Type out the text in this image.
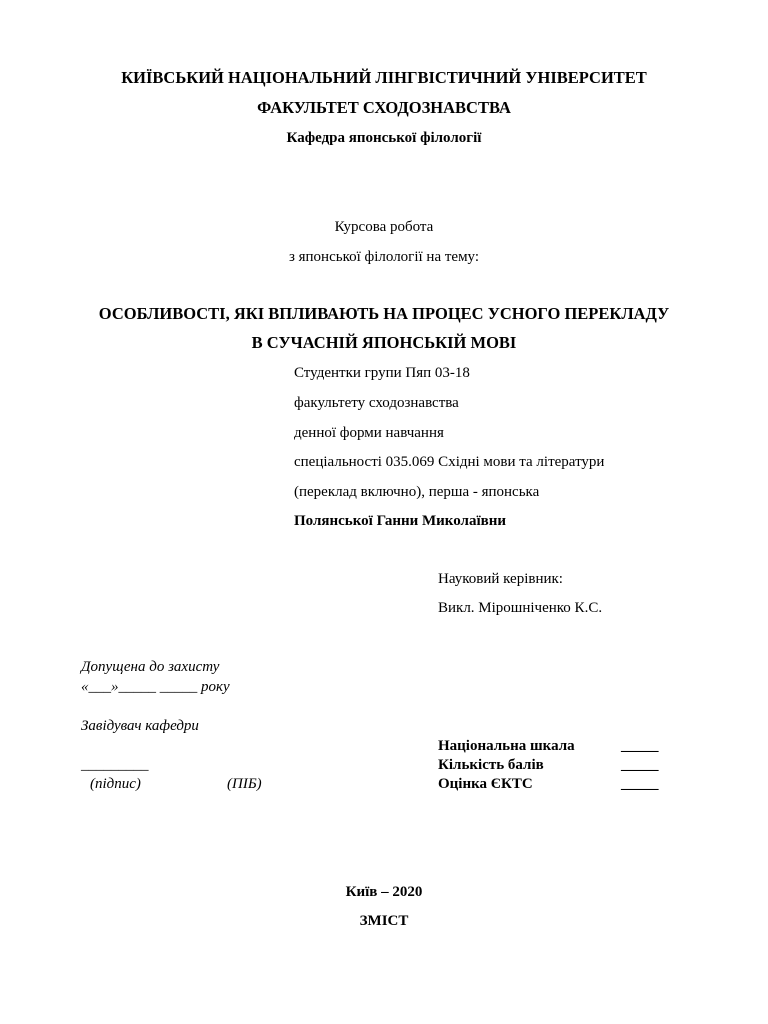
КИЇВСЬКИЙ НАЦІОНАЛЬНИЙ ЛІНГВІСТИЧНИЙ УНІВЕРСИТЕТ
ФАКУЛЬТЕТ СХОДОЗНАВСТВА
Кафедра японської філології
Курсова робота
з японської філології на тему:
ОСОБЛИВОСТІ, ЯКІ ВПЛИВАЮТЬ НА ПРОЦЕС УСНОГО ПЕРЕКЛАДУ
В СУЧАСНІЙ ЯПОНСЬКІЙ МОВІ
Студентки групи Пяп 03-18
факультету сходознавства
денної форми навчання
спеціальності 035.069 Східні мови та літератури
(переклад включно), перша - японська
Полянської Ганни Миколаївни
Науковий керівник:
Викл. Мірошніченко К.С.
Допущена до захисту
«___»_____ _____ року
Завідувач кафедри
_________
(підпис)	(ПІБ)
Національна шкала	_____
Кількість балів	_____
Оцінка ЄКТС	_____
Київ – 2020
ЗМІСТ
